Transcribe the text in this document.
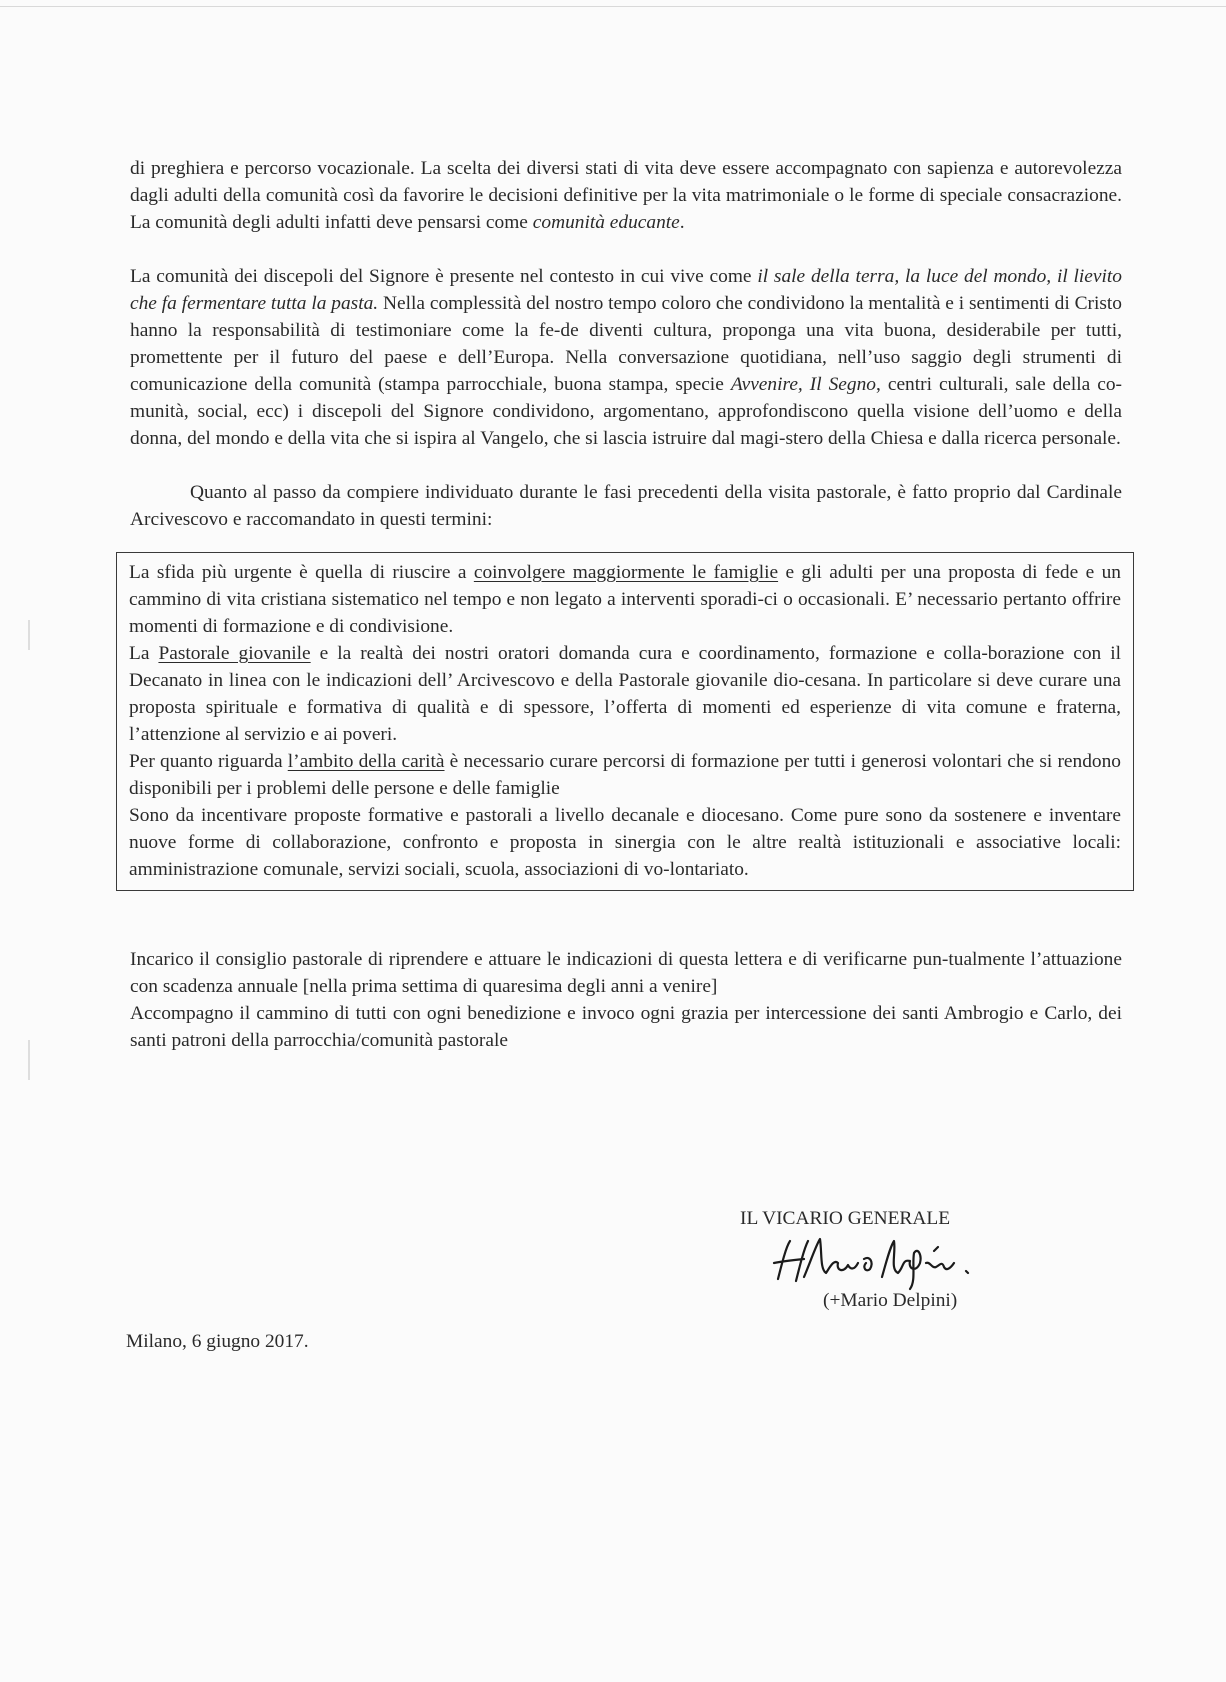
di preghiera e percorso vocazionale. La scelta dei diversi stati di vita deve essere accompagnato con sapienza e autorevolezza dagli adulti della comunità così da favorire le decisioni definitive per la vita matrimoniale o le forme di speciale consacrazione. La comunità degli adulti infatti deve pensarsi come comunità educante.

La comunità dei discepoli del Signore è presente nel contesto in cui vive come il sale della terra, la luce del mondo, il lievito che fa fermentare tutta la pasta. Nella complessità del nostro tempo coloro che condividono la mentalità e i sentimenti di Cristo hanno la responsabilità di testimoniare come la fe-de diventi cultura, proponga una vita buona, desiderabile per tutti, promettente per il futuro del paese e dell’Europa. Nella conversazione quotidiana, nell’uso saggio degli strumenti di comunicazione della comunità (stampa parrocchiale, buona stampa, specie Avvenire, Il Segno, centri culturali, sale della co-munità, social, ecc) i discepoli del Signore condividono, argomentano, approfondiscono quella visione dell’uomo e della donna, del mondo e della vita che si ispira al Vangelo, che si lascia istruire dal magi-stero della Chiesa e dalla ricerca personale.

Quanto al passo da compiere individuato durante le fasi precedenti della visita pastorale, è fatto proprio dal Cardinale Arcivescovo e raccomandato in questi termini:

La sfida più urgente è quella di riuscire a coinvolgere maggiormente le famiglie e gli adulti per una proposta di fede e un cammino di vita cristiana sistematico nel tempo e non legato a interventi sporadi-ci o occasionali. E’ necessario pertanto offrire momenti di formazione e di condivisione.

La Pastorale giovanile e la realtà dei nostri oratori domanda cura e coordinamento, formazione e colla-borazione con il Decanato in linea con le indicazioni dell’ Arcivescovo e della Pastorale giovanile dio-cesana. In particolare si deve curare una proposta spirituale e formativa di qualità e di spessore, l’offerta di momenti ed esperienze di vita comune e fraterna, l’attenzione al servizio e ai poveri.

Per quanto riguarda l’ambito della carità è necessario curare percorsi di formazione per tutti i generosi volontari che si rendono disponibili per i problemi delle persone e delle famiglie

Sono da incentivare proposte formative e pastorali a livello decanale e diocesano. Come pure sono da sostenere e inventare nuove forme di collaborazione, confronto e proposta in sinergia con le altre realtà istituzionali e associative locali: amministrazione comunale, servizi sociali, scuola, associazioni di vo-lontariato.

Incarico il consiglio pastorale di riprendere e attuare le indicazioni di questa lettera e di verificarne pun-tualmente l’attuazione con scadenza annuale [nella prima settima di quaresima degli anni a venire]

Accompagno il cammino di tutti con ogni benedizione e invoco ogni grazia per intercessione dei santi Ambrogio e Carlo, dei santi patroni della parrocchia/comunità pastorale

IL VICARIO GENERALE
(+Mario Delpini)
Milano, 6 giugno 2017.
